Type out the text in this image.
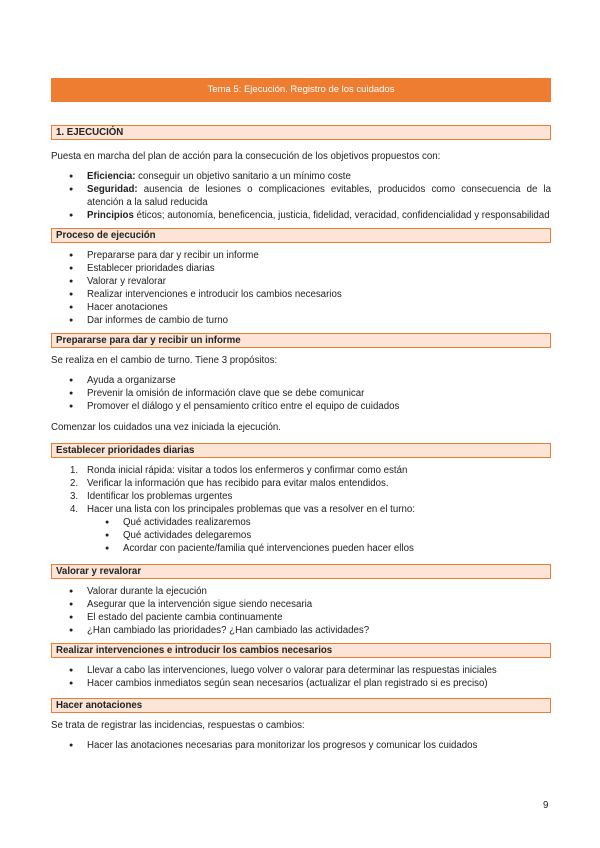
Tema 5: Ejecución. Registro de los cuidados
1. EJECUCIÓN

Puesta en marcha del plan de acción para la consecución de los objetivos propuestos con:

● Eficiencia: conseguir un objetivo sanitario a un mínimo coste
● Seguridad: ausencia de lesiones o complicaciones evitables, producidos como consecuencia de la atención a la salud reducida
● Principios éticos; autonomía, beneficencia, justicia, fidelidad, veracidad, confidencialidad y responsabilidad
Proceso de ejecución
● Prepararse para dar y recibir un informe
● Establecer prioridades diarias
● Valorar y revalorar
● Realizar intervenciones e introducir los cambios necesarios
● Hacer anotaciones
● Dar informes de cambio de turno
Prepararse para dar y recibir un informe

Se realiza en el cambio de turno. Tiene 3 propósitos:

● Ayuda a organizarse
● Prevenir la omisión de información clave que se debe comunicar
● Promover el diálogo y el pensamiento crítico entre el equipo de cuidados

Comenzar los cuidados una vez iniciada la ejecución.

Establecer prioridades diarias
1. Ronda inicial rápida: visitar a todos los enfermeros y confirmar como están
2. Verificar la información que has recibido para evitar malos entendidos.
3. Identificar los problemas urgentes
4. Hacer una lista con los principales problemas que vas a resolver en el turno:
● Qué actividades realizaremos
● Qué actividades delegaremos
● Acordar con paciente/familia qué intervenciones pueden hacer ellos
Valorar y revalorar
● Valorar durante la ejecución
● Asegurar que la intervención sigue siendo necesaria
● El estado del paciente cambia continuamente
● ¿Han cambiado las prioridades? ¿Han cambiado las actividades?
Realizar intervenciones e introducir los cambios necesarios
● Llevar a cabo las intervenciones, luego volver o valorar para determinar las respuestas iniciales
● Hacer cambios inmediatos según sean necesarios (actualizar el plan registrado si es preciso)
Hacer anotaciones

Se trata de registrar las incidencias, respuestas o cambios:

● Hacer las anotaciones necesarias para monitorizar los progresos y comunicar los cuidados
9
